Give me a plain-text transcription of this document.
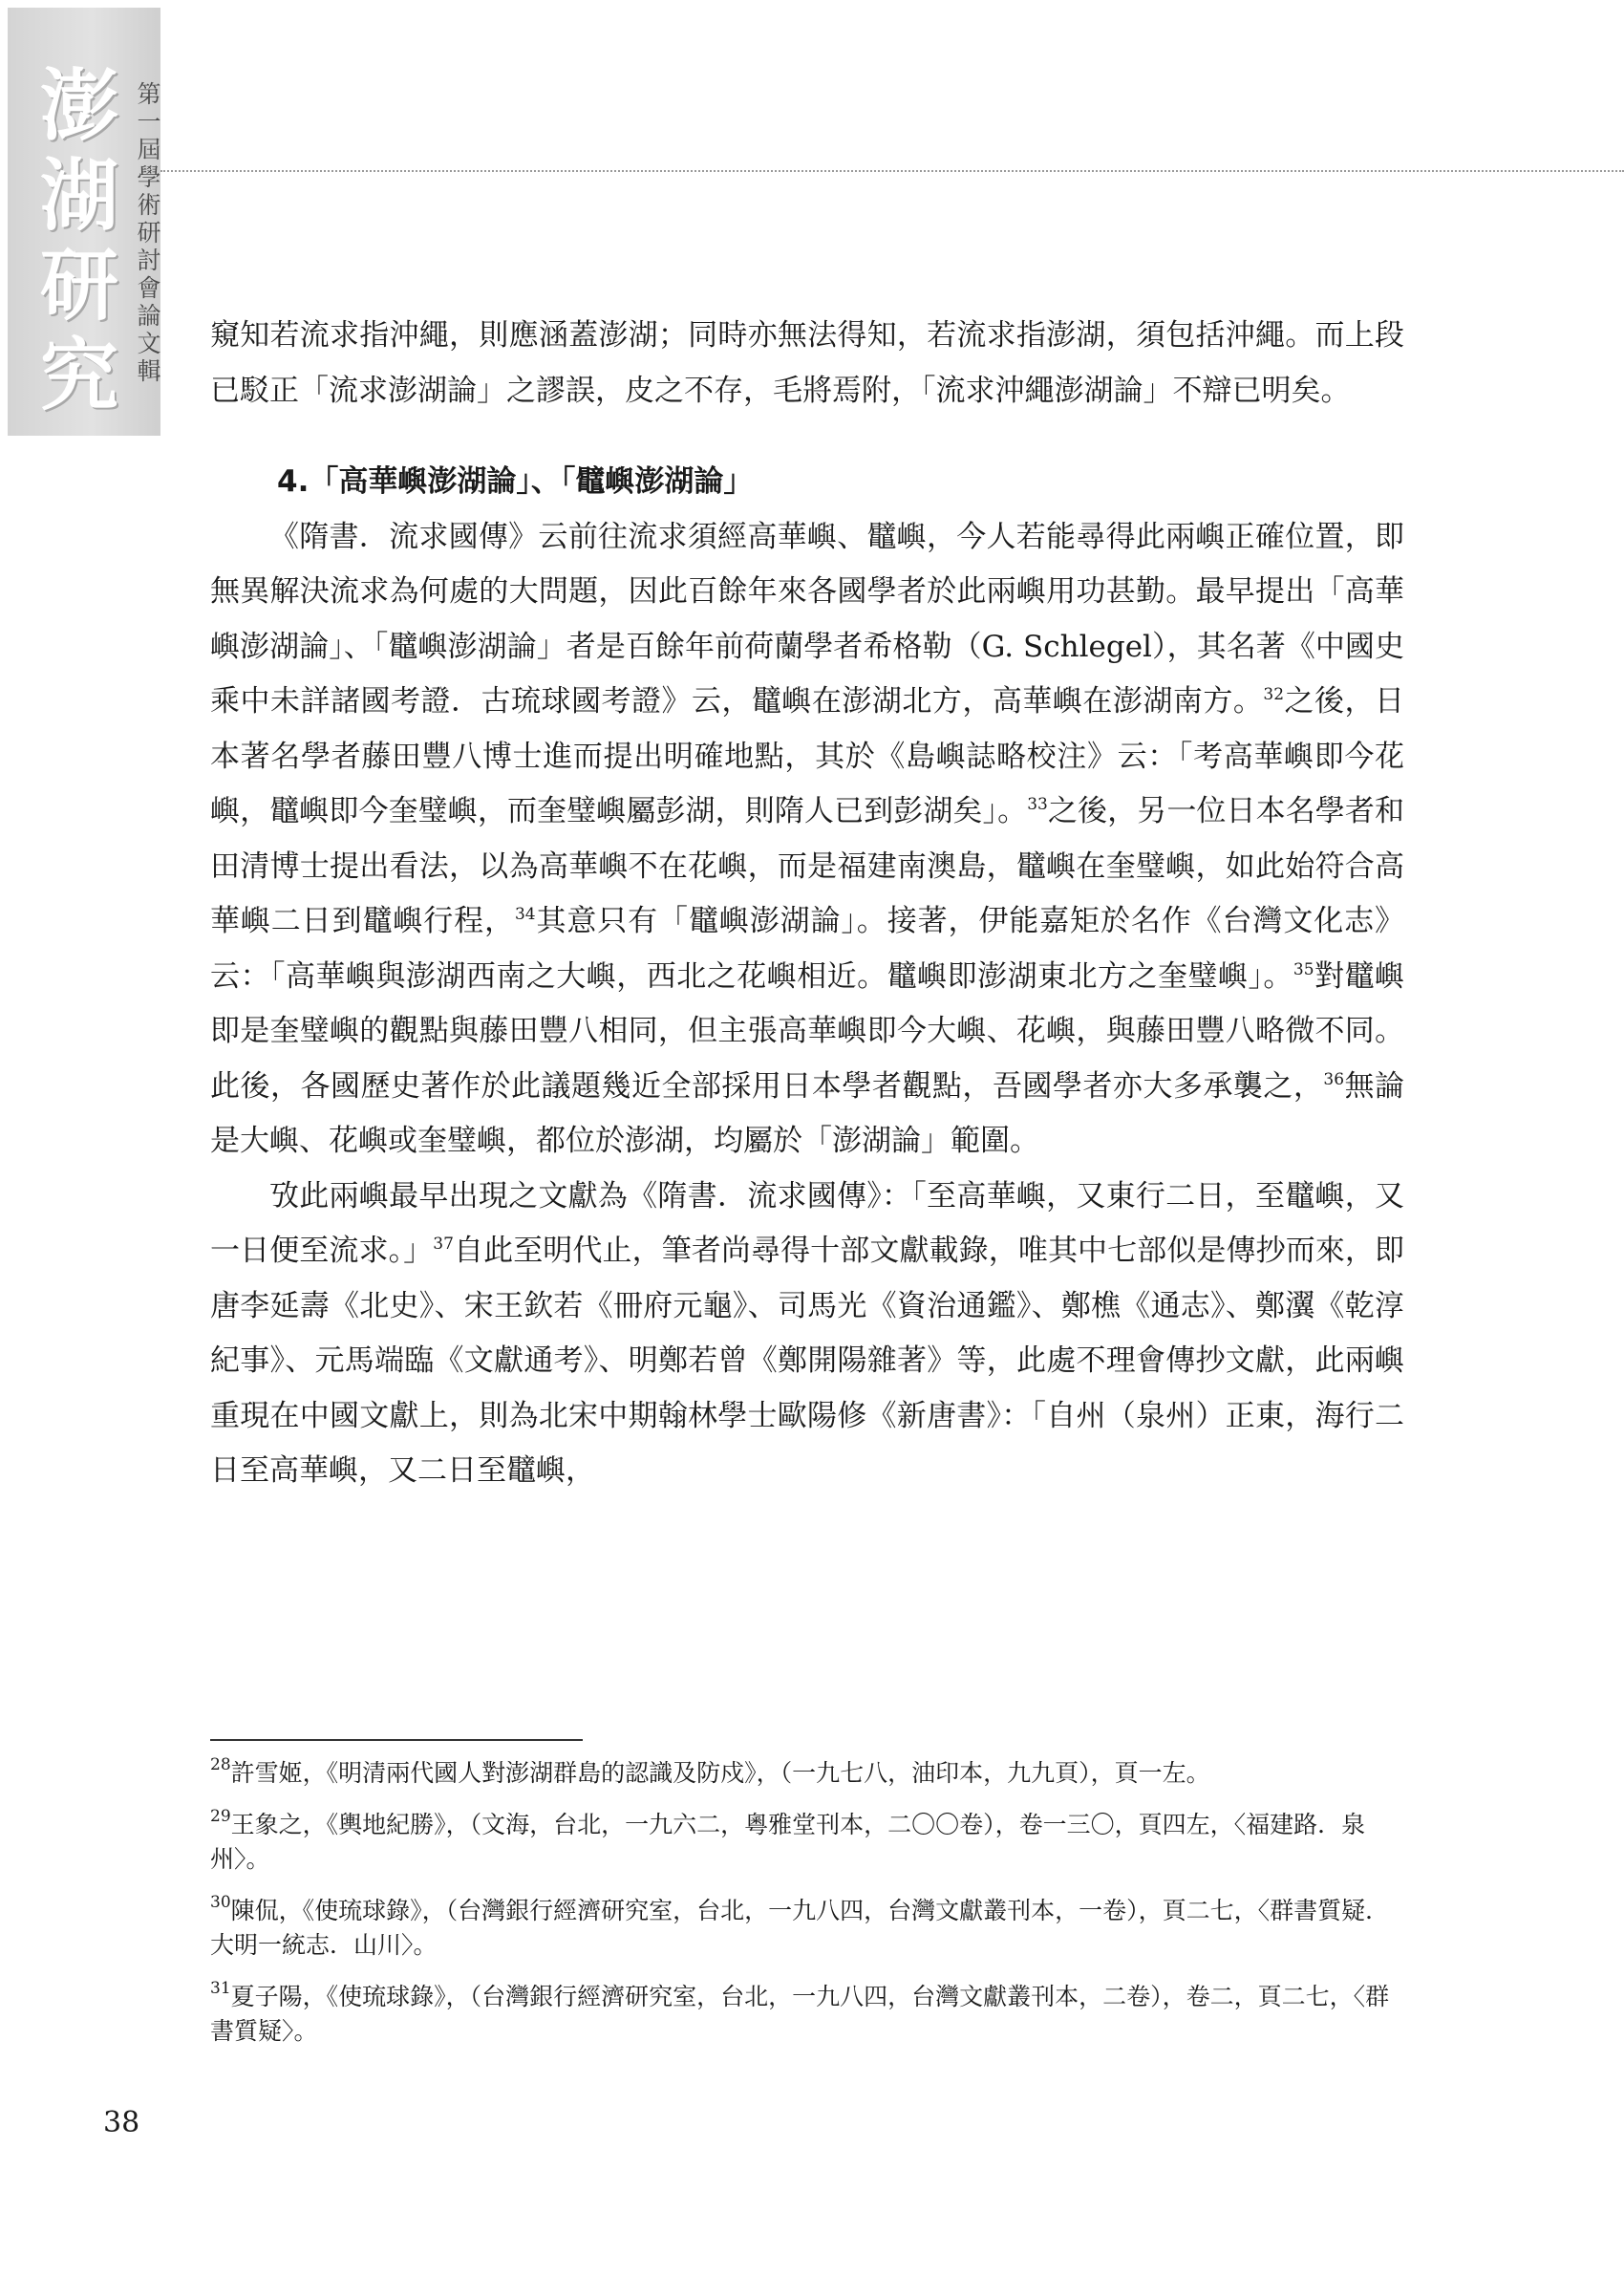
澎
湖
研
究
第
一
屆
學
術
研
討
會
論
文
輯

窺知若流求指沖繩，則應涵蓋澎湖；同時亦無法得知，若流求指澎湖，須包括沖繩。而上段已駁正「流求澎湖論」之謬誤，皮之不存，毛將焉附，「流求沖繩澎湖論」不辯已明矣。

4.「高華嶼澎湖論」、「鼊嶼澎湖論」

《隋書．流求國傳》云前往流求須經高華嶼、鼊嶼，今人若能尋得此兩嶼正確位置，即無異解決流求為何處的大問題，因此百餘年來各國學者於此兩嶼用功甚勤。最早提出「高華嶼澎湖論」、「鼊嶼澎湖論」者是百餘年前荷蘭學者希格勒（G. Schlegel），其名著《中國史乘中未詳諸國考證．古琉球國考證》云，鼊嶼在澎湖北方，高華嶼在澎湖南方。$^{32}$之後，日本著名學者藤田豐八博士進而提出明確地點，其於《島嶼誌略校注》云：「考高華嶼即今花嶼，鼊嶼即今奎璧嶼，而奎璧嶼屬彭湖，則隋人已到彭湖矣」。$^{33}$之後，另一位日本名學者和田清博士提出看法，以為高華嶼不在花嶼，而是福建南澳島，鼊嶼在奎璧嶼，如此始符合高華嶼二日到鼊嶼行程，$^{34}$其意只有「鼊嶼澎湖論」。接著，伊能嘉矩於名作《台灣文化志》云：「高華嶼與澎湖西南之大嶼，西北之花嶼相近。鼊嶼即澎湖東北方之奎璧嶼」。$^{35}$對鼊嶼即是奎璧嶼的觀點與藤田豐八相同，但主張高華嶼即今大嶼、花嶼，與藤田豐八略微不同。此後，各國歷史著作於此議題幾近全部採用日本學者觀點，吾國學者亦大多承襲之，$^{36}$無論是大嶼、花嶼或奎璧嶼，都位於澎湖，均屬於「澎湖論」範圍。

攷此兩嶼最早出現之文獻為《隋書．流求國傳》：「至高華嶼，又東行二日，至鼊嶼，又一日便至流求。」$^{37}$自此至明代止，筆者尚尋得十部文獻載錄，唯其中七部似是傳抄而來，即唐李延壽《北史》、宋王欽若《冊府元龜》、司馬光《資治通鑑》、鄭樵《通志》、鄭瀷《乾淳紀事》、元馬端臨《文獻通考》、明鄭若曾《鄭開陽雜著》等，此處不理會傳抄文獻，此兩嶼重現在中國文獻上，則為北宋中期翰林學士歐陽修《新唐書》：「自州（泉州）正東，海行二日至高華嶼，又二日至鼊嶼，

$^{28}$許雪姬，《明清兩代國人對澎湖群島的認識及防戍》，（一九七八，油印本，九九頁），頁一左。
$^{29}$王象之，《輿地紀勝》，（文海，台北，一九六二，粵雅堂刊本，二〇〇卷），卷一三〇，頁四左，〈福建路．泉州〉。
$^{30}$陳侃，《使琉球錄》，（台灣銀行經濟研究室，台北，一九八四，台灣文獻叢刊本，一卷），頁二七，〈群書質疑．大明一統志．山川〉。
$^{31}$夏子陽，《使琉球錄》，（台灣銀行經濟研究室，台北，一九八四，台灣文獻叢刊本，二卷），卷二，頁二七，〈群書質疑〉。
38
